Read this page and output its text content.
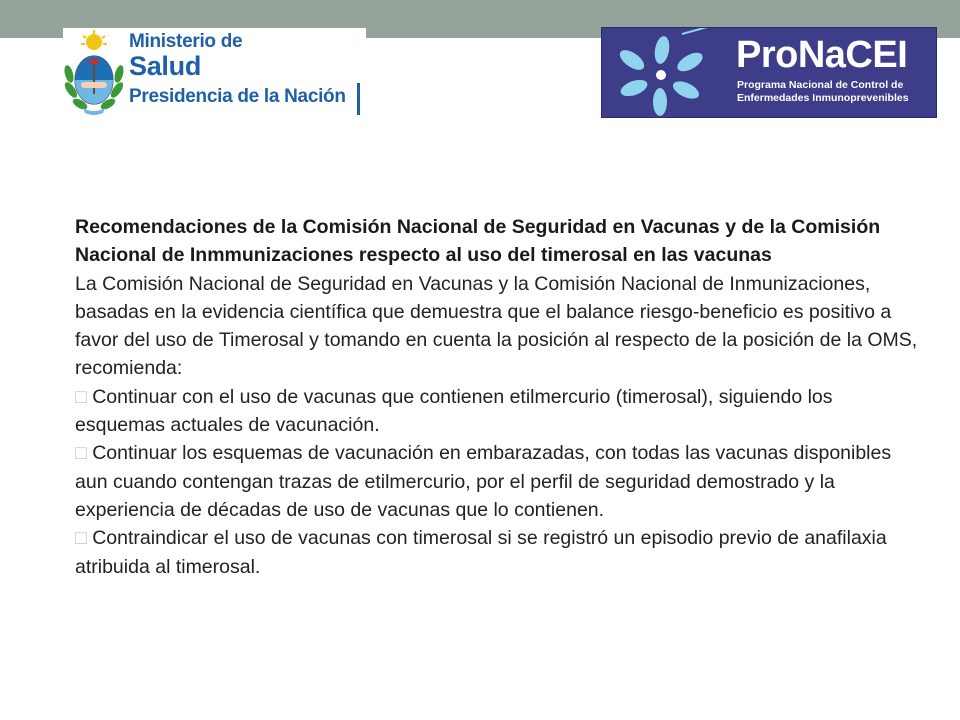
Ministerio de
Salud
Presidencia de la Nación
ProNaCEI
Programa Nacional de Control de
Enfermedades Inmunoprevenibles

Recomendaciones de la Comisión Nacional de Seguridad en Vacunas y de la Comisión Nacional de Inmmunizaciones respecto al uso del timerosal en las vacunas

La Comisión Nacional de Seguridad en Vacunas y la Comisión Nacional de Inmunizaciones, basadas en la evidencia científica que demuestra que el balance riesgo-beneficio es positivo a favor del uso de Timerosal y tomando en cuenta la posición al respecto de la posición de la OMS, recomienda:

□ Continuar con el uso de vacunas que contienen etilmercurio (timerosal), siguiendo los esquemas actuales de vacunación.

□ Continuar los esquemas de vacunación en embarazadas, con todas las vacunas disponibles aun cuando contengan trazas de etilmercurio, por el perfil de seguridad demostrado y la experiencia de décadas de uso de vacunas que lo contienen.

□ Contraindicar el uso de vacunas con timerosal si se registró un episodio previo de anafilaxia atribuida al timerosal.
